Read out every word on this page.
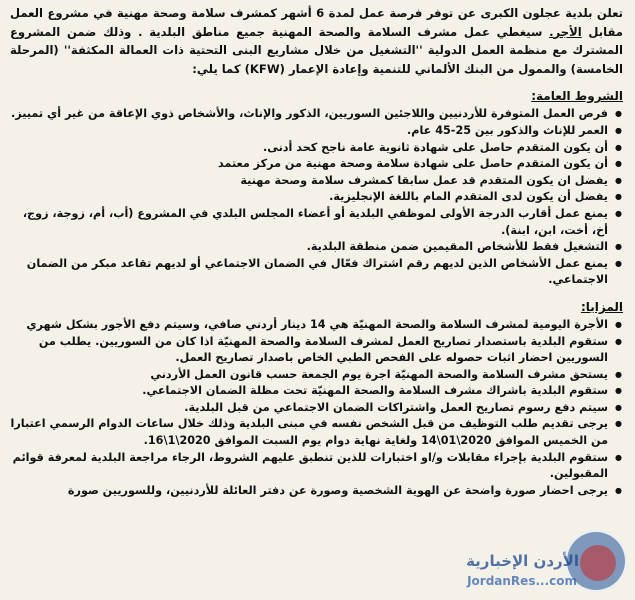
تعلن بلدية عجلون الكبرى عن توفر فرصة عمل لمدة 6 أشهر كمشرف سلامة وصحة مهنية في مشروع العمل مقابل الأجر. سيغطي عمل مشرف السلامة والصحة المهنية جميع مناطق البلدية . وذلك ضمن المشروع المشترك مع منظمة العمل الدولية ''التشغيل من خلال مشاريع البنى التحتية ذات العمالة المكثفة'' (المرحلة الخامسة) والممول من البنك الألماني للتنمية وإعادة الإعمار (KFW) كما يلي:

الشروط العامة:
● فرص العمل المتوفرة للأردنيين واللاجئين السوريين، الذكور والإناث، والأشخاص ذوي الإعاقة من غير أي تمييز.
● العمر للإناث والذكور بين 25-45 عام.
● أن يكون المتقدم حاصل على شهادة ثانوية عامة ناجح كحد أدنى.
● أن يكون المتقدم حاصل على شهادة سلامة وصحة مهنية من مركز معتمد
● يفضل ان يكون المتقدم قد عمل سابقا كمشرف سلامة وصحة مهنية
● يفضل أن يكون لدى المتقدم المام باللغة الإنجليزية.
● يمنع عمل أقارب الدرجة الأولى لموظفي البلدية أو أعضاء المجلس البلدي في المشروع (أب، أم، زوجة، زوج، أخ، أخت، ابن، ابنة).
● التشغيل فقط للأشخاص المقيمين ضمن منطقة البلدية.
● يمنع عمل الأشخاص الذين لديهم رقم اشتراك فعّال في الضمان الاجتماعي أو لديهم تقاعد مبكر من الضمان الاجتماعي.
المزايا:
● الأجرة اليومية لمشرف السلامة والصحة المهنيّة هي 14 دينار أردني صافي، وسيتم دفع الأجور بشكل شهري
● ستقوم البلدية باستصدار تصاريح العمل لمشرف السلامة والصحة المهنيّة اذا كان من السوريين. يطلب من السوريين احضار اثبات حصوله على الفحص الطبي الخاص باصدار تصاريح العمل.
● يستحق مشرف السلامة والصحة المهنيّة اجرة يوم الجمعة حسب قانون العمل الأردني
● ستقوم البلدية باشراك مشرف السلامة والصحة المهنيّة تحت مظلة الضمان الاجتماعي.
● سيتم دفع رسوم تصاريح العمل واشتراكات الضمان الاجتماعي من قبل البلدية.
● يرجى تقديم طلب التوظيف من قبل الشخص نفسه في مبنى البلدية وذلك خلال ساعات الدوام الرسمي اعتبارا من الخميس الموافق 2020\01\14 ولغاية نهاية دوام يوم السبت الموافق 2020\1\16.
● ستقوم البلدية بإجراء مقابلات و/او اختبارات للذين تنطبق عليهم الشروط، الرجاء مراجعة البلدية لمعرفة قوائم المقبولين.
● يرجى احضار صورة واضحة عن الهوية الشخصية وصورة عن دفتر العائلة للأردنيين، وللسوريين صورة
الأردن الإخبارية
JordanRes...com
